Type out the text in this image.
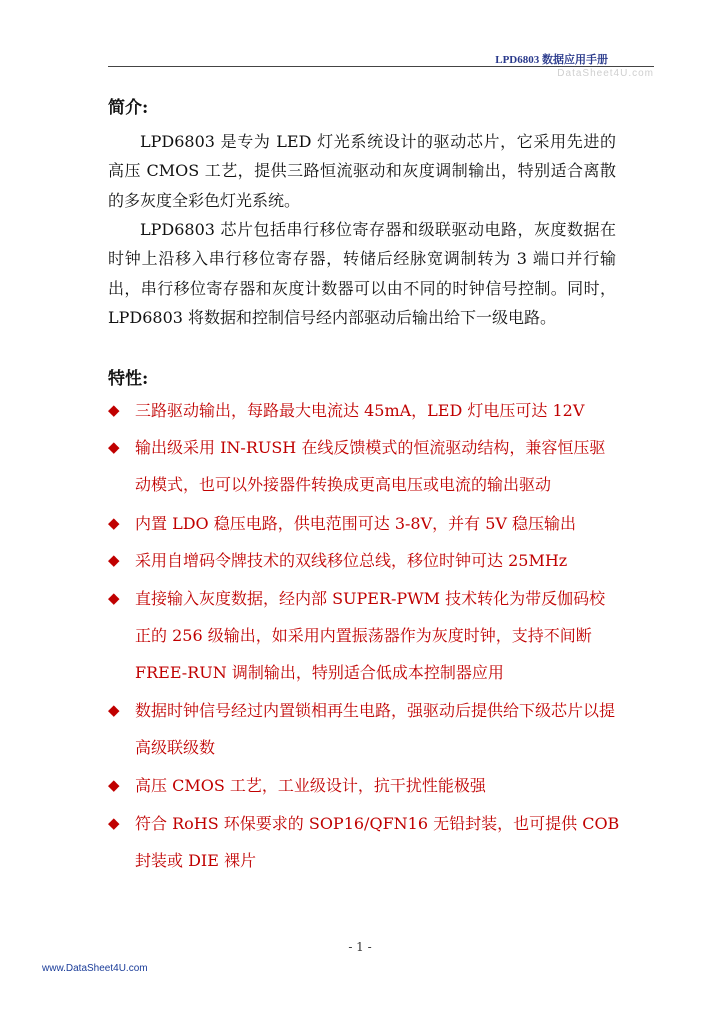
LPD6803 数据应用手册
DataSheet4U.com
简介:

LPD6803 是专为 LED 灯光系统设计的驱动芯片，它采用先进的高压 CMOS 工艺，提供三路恒流驱动和灰度调制输出，特别适合离散的多灰度全彩色灯光系统。

LPD6803 芯片包括串行移位寄存器和级联驱动电路，灰度数据在时钟上沿移入串行移位寄存器，转储后经脉宽调制转为 3 端口并行输出，串行移位寄存器和灰度计数器可以由不同的时钟信号控制。同时，LPD6803 将数据和控制信号经内部驱动后输出给下一级电路。

特性:
◆ 三路驱动输出，每路最大电流达 45mA，LED 灯电压可达 12V
◆ 输出级采用 IN-RUSH 在线反馈模式的恒流驱动结构，兼容恒压驱动模式，也可以外接器件转换成更高电压或电流的输出驱动
◆ 内置 LDO 稳压电路，供电范围可达 3-8V，并有 5V 稳压输出
◆ 采用自增码令牌技术的双线移位总线，移位时钟可达 25MHz
◆ 直接输入灰度数据，经内部 SUPER-PWM 技术转化为带反伽码校正的 256 级输出，如采用内置振荡器作为灰度时钟，支持不间断 FREE-RUN 调制输出，特别适合低成本控制器应用
◆ 数据时钟信号经过内置锁相再生电路，强驱动后提供给下级芯片以提高级联级数
◆ 高压 CMOS 工艺，工业级设计，抗干扰性能极强
◆ 符合 RoHS 环保要求的 SOP16/QFN16 无铅封装，也可提供 COB 封装或 DIE 裸片
- 1 -
www.DataSheet4U.com
